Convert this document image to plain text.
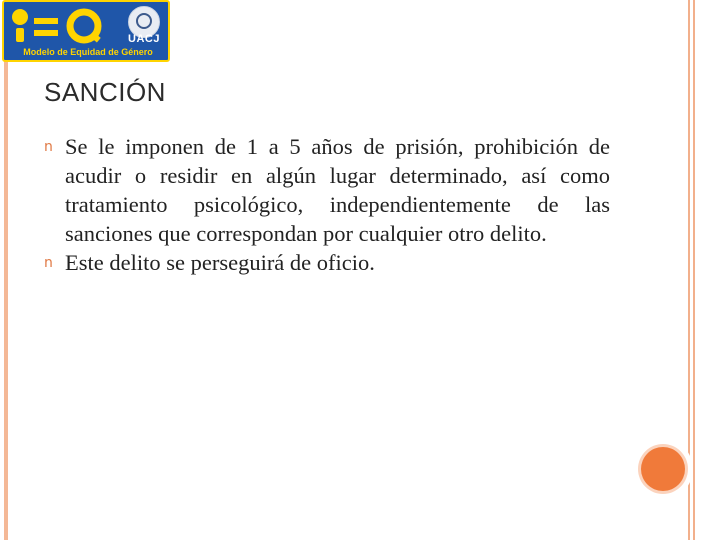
UACJ
Modelo de Equidad de Género
SANCIÓN
n Se le imponen de 1 a 5 años de prisión, prohibición de acudir o residir en algún lugar determinado, así como tratamiento psicológico, independientemente de las sanciones que correspondan por cualquier otro delito.
n Este delito se perseguirá de oficio.
